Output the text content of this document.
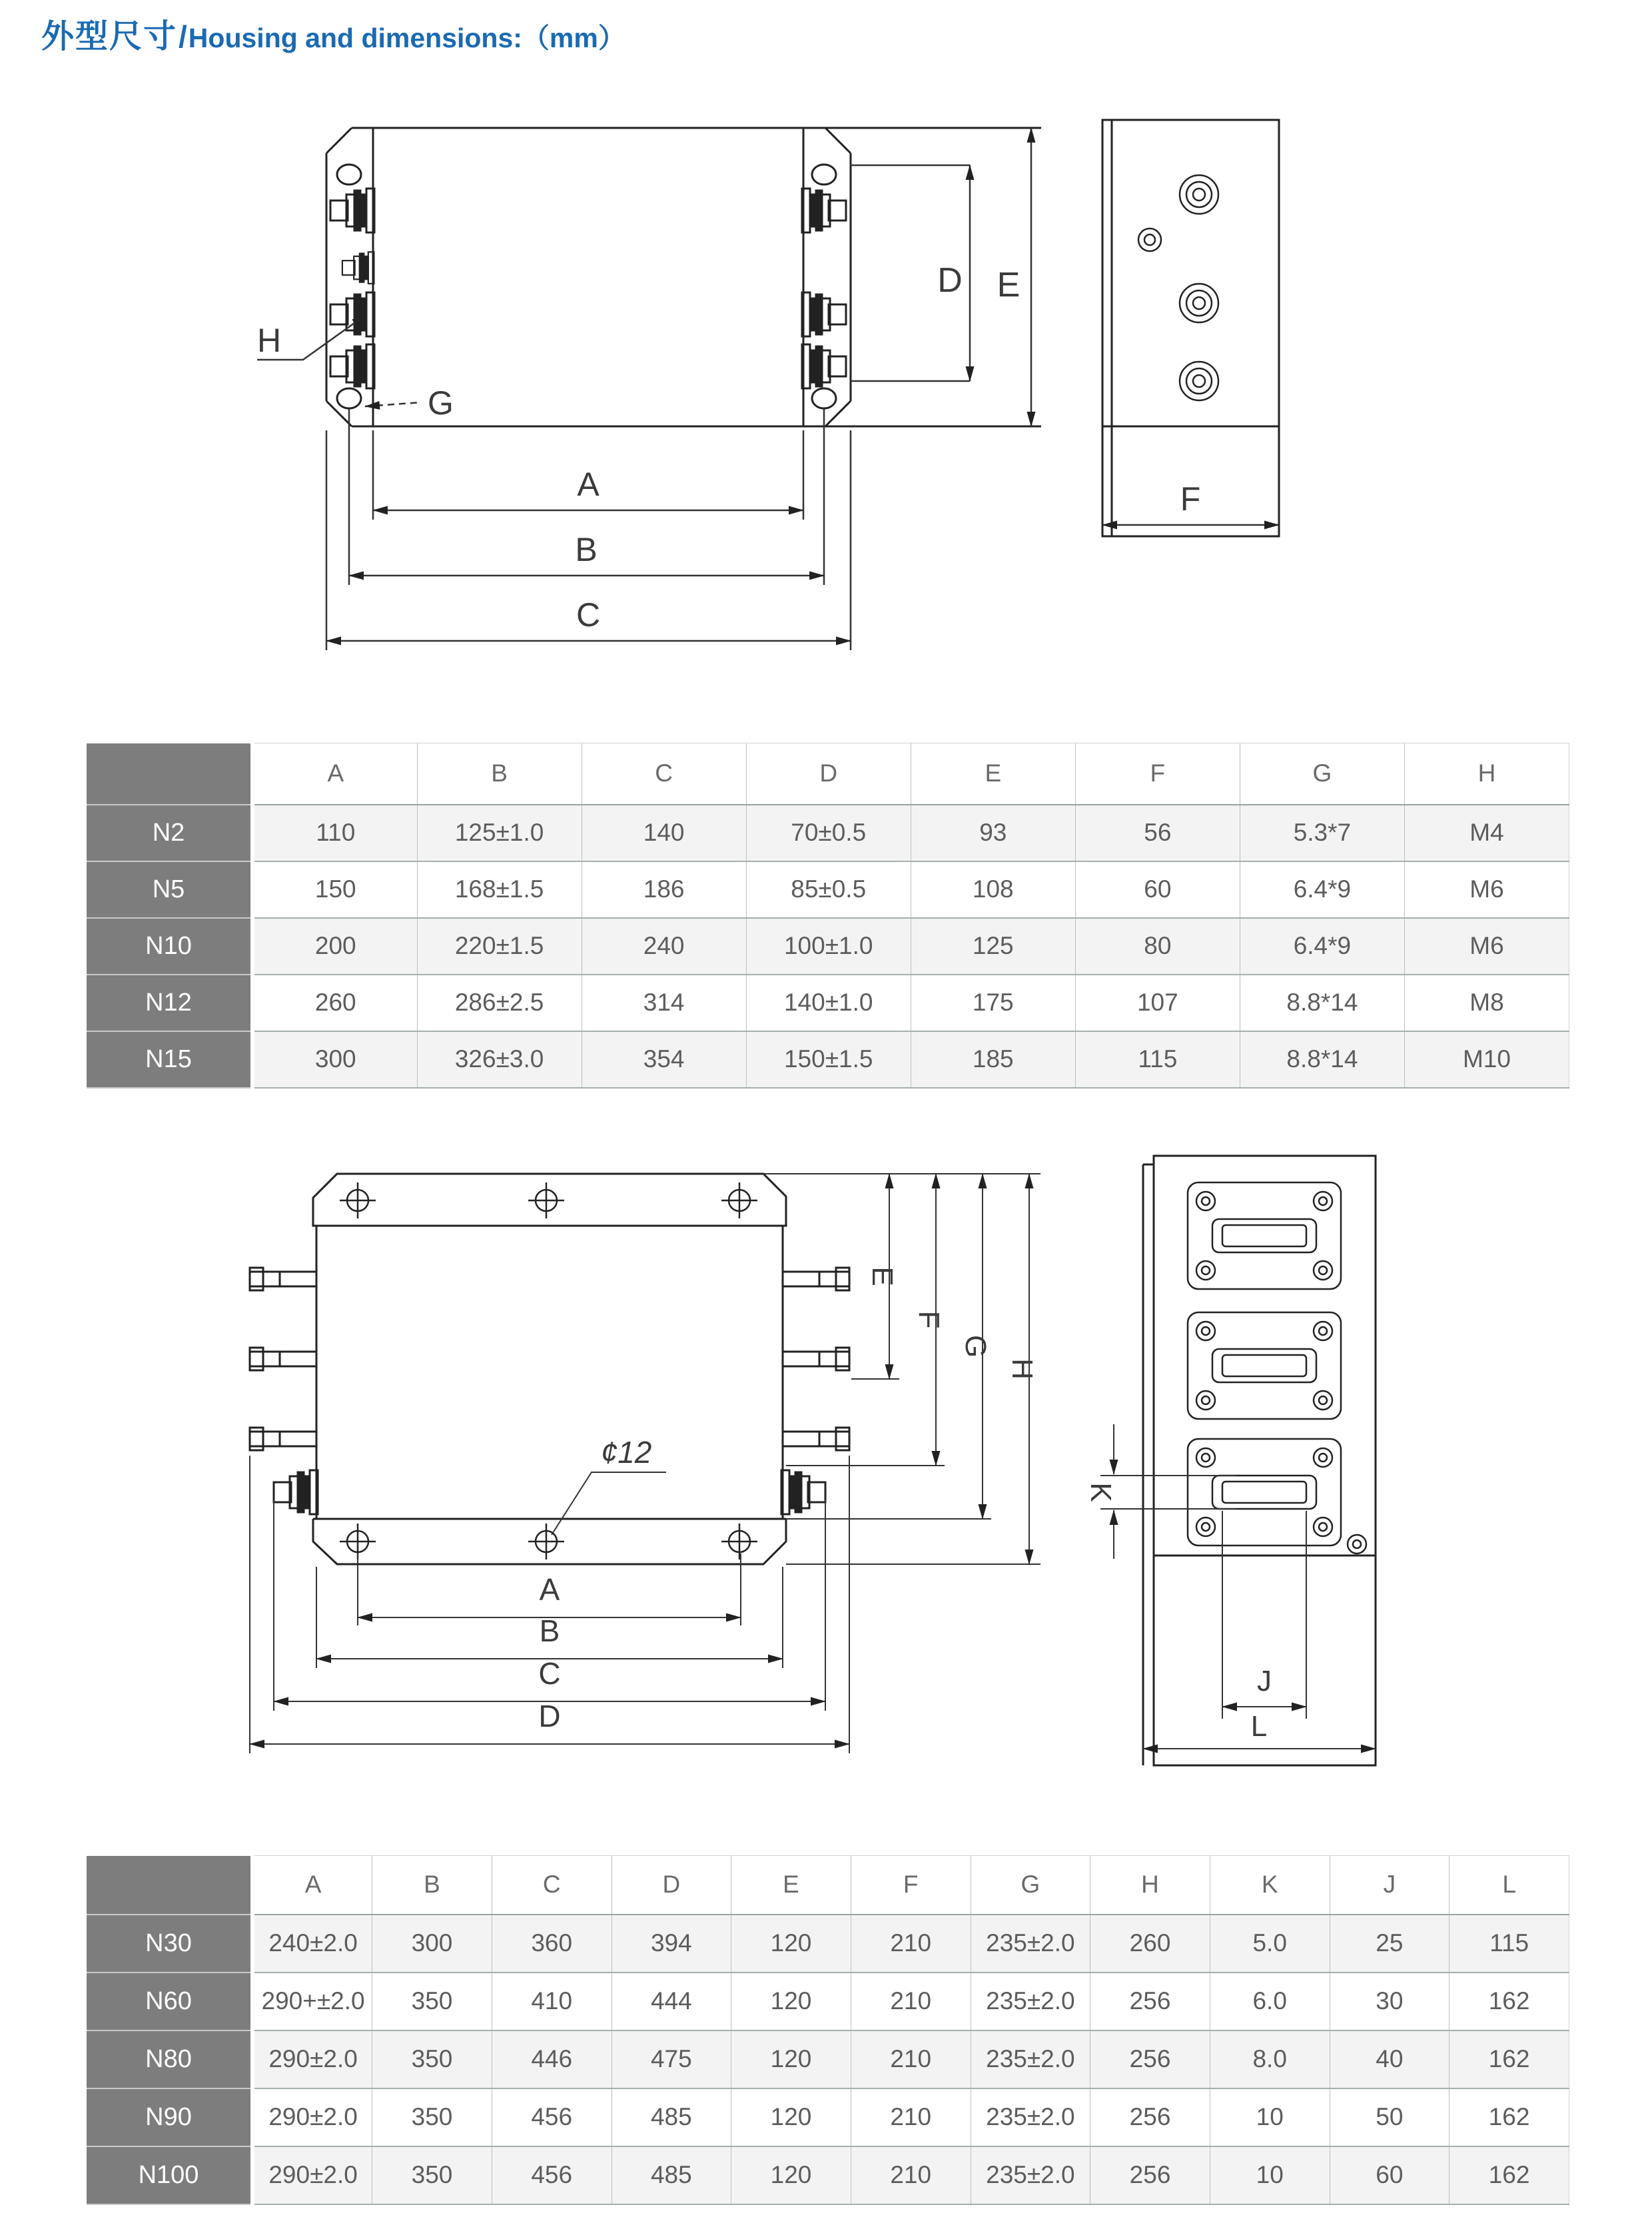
外型尺寸/Housing and dimensions:（mm）
H
G
D E
A
B
C
F
	A	B	C	D	E	F	G	H
N2	110	125±1.0	140	70±0.5	93	56	5.3*7	M4
N5	150	168±1.5	186	85±0.5	108	60	6.4*9	M6
N10	200	220±1.5	240	100±1.0	125	80	6.4*9	M6
N12	260	286±2.5	314	140±1.0	175	107	8.8*14	M8
N15	300	326±3.0	354	150±1.5	185	115	8.8*14	M10
¢12
E
F
G
H
A
B
C
D
K
J
L
	A	B	C	D	E	F	G	H	K	J	L
N30	240±2.0	300	360	394	120	210	235±2.0	260	5.0	25	115
N60	290+±2.0	350	410	444	120	210	235±2.0	256	6.0	30	162
N80	290±2.0	350	446	475	120	210	235±2.0	256	8.0	40	162
N90	290±2.0	350	456	485	120	210	235±2.0	256	10	50	162
N100	290±2.0	350	456	485	120	210	235±2.0	256	10	60	162
